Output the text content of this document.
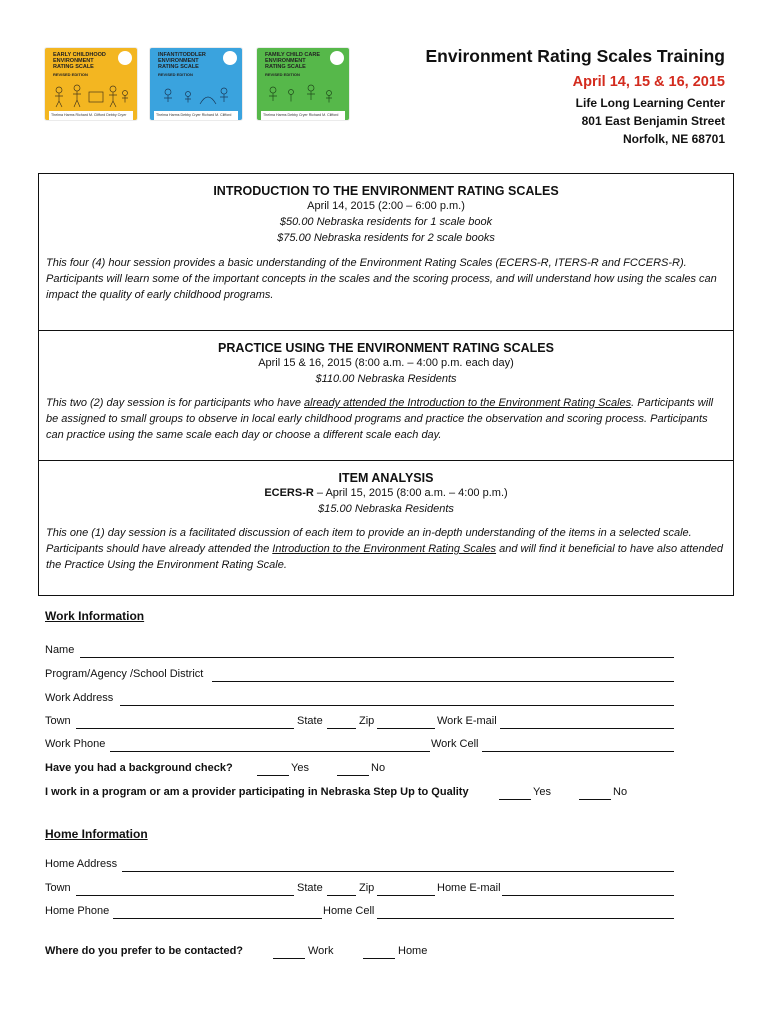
EARLY CHILDHOOD ENVIRONMENT RATING SCALE
REVISED EDITION
Thelma Harms Richard M. Clifford Debby Cryer
INFANT/TODDLER ENVIRONMENT RATING SCALE
REVISED EDITION
Thelma Harms Debby Cryer Richard M. Clifford
FAMILY CHILD CARE ENVIRONMENT RATING SCALE
REVISED EDITION
Thelma Harms Debby Cryer Richard M. Clifford
Environment Rating Scales Training
April 14, 15 & 16, 2015
Life Long Learning Center
801 East Benjamin Street
Norfolk, NE 68701
INTRODUCTION TO THE ENVIRONMENT RATING SCALES
April 14, 2015 (2:00 – 6:00 p.m.)
$50.00 Nebraska residents for 1 scale book
$75.00 Nebraska residents for 2 scale books
This four (4) hour session provides a basic understanding of the Environment Rating Scales (ECERS-R, ITERS-R and FCCERS-R). Participants will learn some of the important concepts in the scales and the scoring process, and will understand how using the scales can impact the quality of early childhood programs.
PRACTICE USING THE ENVIRONMENT RATING SCALES
April 15 & 16, 2015 (8:00 a.m. – 4:00 p.m. each day)
$110.00 Nebraska Residents
This two (2) day session is for participants who have already attended the Introduction to the Environment Rating Scales. Participants will be assigned to small groups to observe in local early childhood programs and practice the observation and scoring process. Participants can practice using the same scale each day or choose a different scale each day.
ITEM ANALYSIS
ECERS-R – April 15, 2015 (8:00 a.m. – 4:00 p.m.)
$15.00 Nebraska Residents
This one (1) day session is a facilitated discussion of each item to provide an in-depth understanding of the items in a selected scale. Participants should have already attended the Introduction to the Environment Rating Scales and will find it beneficial to have also attended the Practice Using the Environment Rating Scale.
Work Information
Name
Program/Agency /School District
Work Address
Town	State	Zip	Work E-mail
Work Phone	Work Cell
Have you had a background check?	Yes	No
I work in a program or am a provider participating in Nebraska Step Up to Quality	Yes	No
Home Information
Home Address
Town	State	Zip	Home E-mail
Home Phone	Home Cell
Where do you prefer to be contacted?	Work	Home
